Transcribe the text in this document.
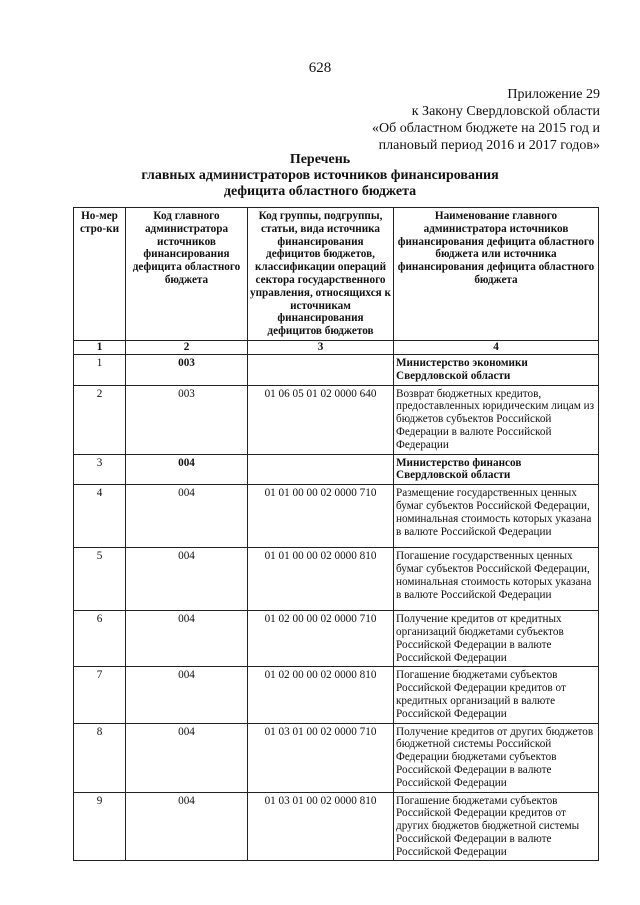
628
Приложение 29
к Закону Свердловской области
«Об областном бюджете на 2015 год и
плановый период 2016 и 2017 годов»
Перечень
главных администраторов источников финансирования
дефицита областного бюджета
Но-мер стро-ки	Код главного администратора источников финансирования дефицита областного бюджета	Код группы, подгруппы, статьи, вида источника финансирования дефицитов бюджетов, классификации операций сектора государственного управления, относящихся к источникам финансирования дефицитов бюджетов	Наименование главного администратора источников финансирования дефицита областного бюджета или источника финансирования дефицита областного бюджета
1	2	3	4
1	003		Министерство экономики Свердловской области
2	003	01 06 05 01 02 0000 640	Возврат бюджетных кредитов, предоставленных юридическим лицам из бюджетов субъектов Российской Федерации в валюте Российской Федерации
3	004		Министерство финансов Свердловской области
4	004	01 01 00 00 02 0000 710	Размещение государственных ценных бумаг субъектов Российской Федерации, номинальная стоимость которых указана в валюте Российской Федерации
5	004	01 01 00 00 02 0000 810	Погашение государственных ценных бумаг субъектов Российской Федерации, номинальная стоимость которых указана в валюте Российской Федерации
6	004	01 02 00 00 02 0000 710	Получение кредитов от кредитных организаций бюджетами субъектов Российской Федерации в валюте Российской Федерации
7	004	01 02 00 00 02 0000 810	Погашение бюджетами субъектов Российской Федерации кредитов от кредитных организаций в валюте Российской Федерации
8	004	01 03 01 00 02 0000 710	Получение кредитов от других бюджетов бюджетной системы Российской Федерации бюджетами субъектов Российской Федерации в валюте Российской Федерации
9	004	01 03 01 00 02 0000 810	Погашение бюджетами субъектов Российской Федерации кредитов от других бюджетов бюджетной системы Российской Федерации в валюте Российской Федерации
